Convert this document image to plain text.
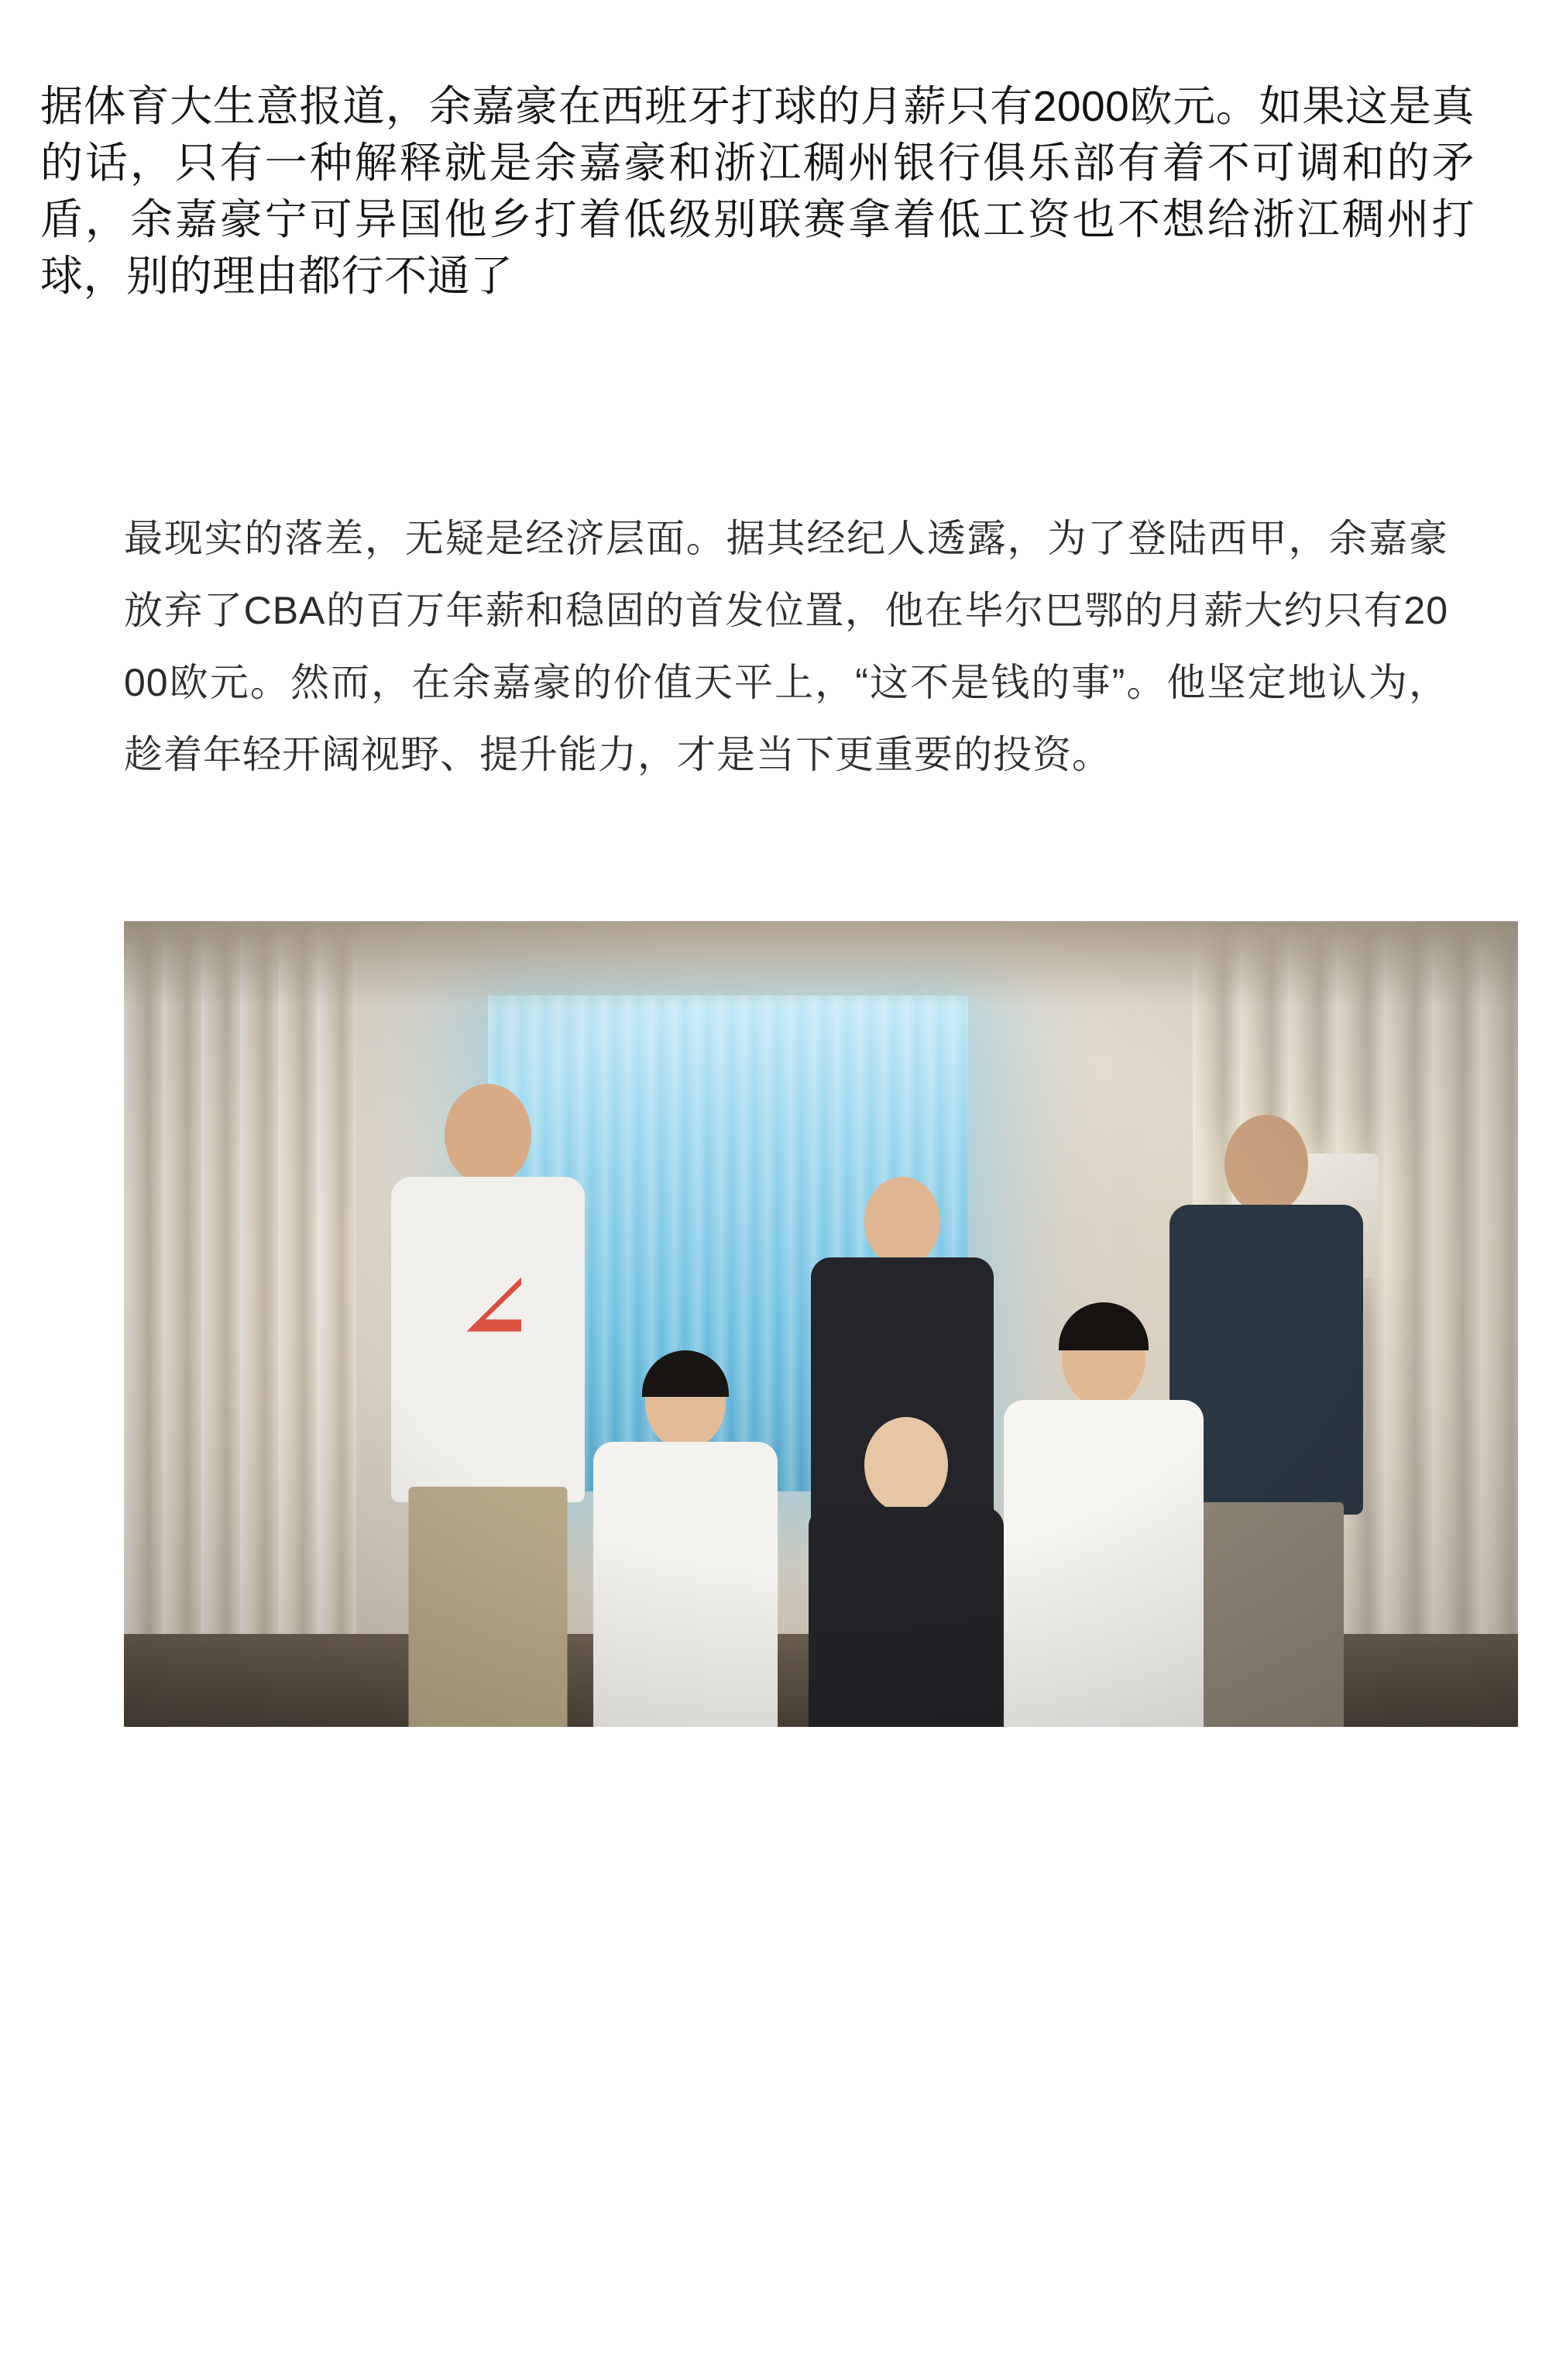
据体育大生意报道，余嘉豪在西班牙打球的月薪只有2000欧元。如果这是真的话，只有一种解释就是余嘉豪和浙江稠州银行俱乐部有着不可调和的矛盾，余嘉豪宁可异国他乡打着低级别联赛拿着低工资也不想给浙江稠州打球，别的理由都行不通了

最现实的落差，无疑是经济层面。据其经纪人透露，为了登陆西甲，余嘉豪放弃了CBA的百万年薪和稳固的首发位置，他在毕尔巴鄂的月薪大约只有2000欧元。然而，在余嘉豪的价值天平上，“这不是钱的事”。他坚定地认为，趁着年轻开阔视野、提升能力，才是当下更重要的投资。
